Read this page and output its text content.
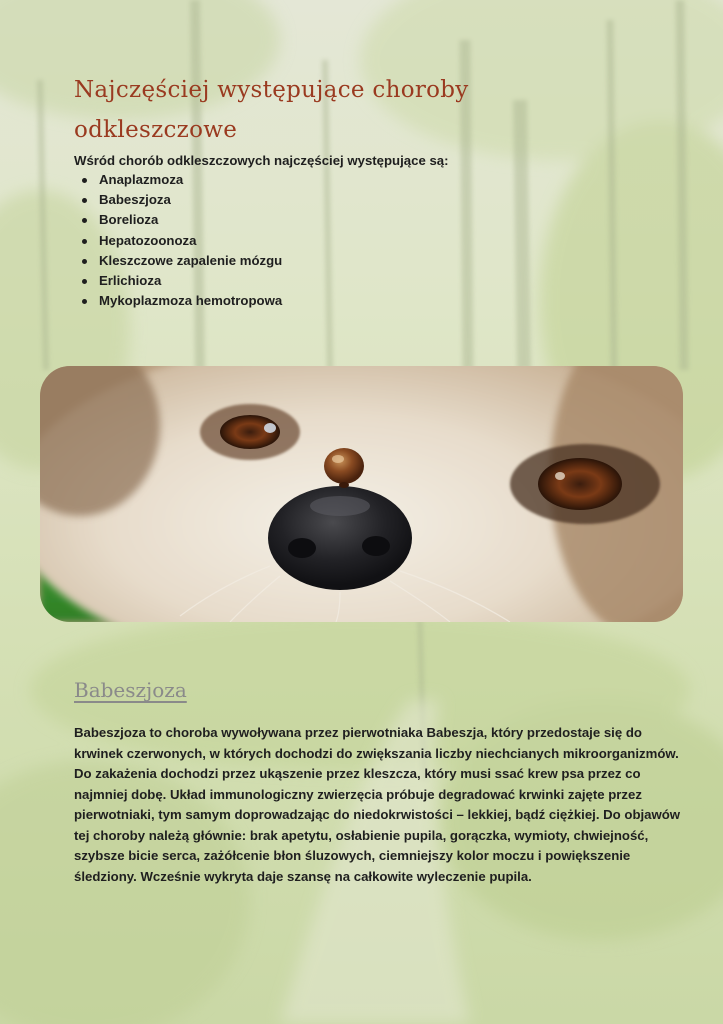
Najczęściej występujące choroby odkleszczowe

Wśród chorób odkleszczowych najczęściej występujące są:

Anaplazmoza
Babeszjoza
Borelioza
Hepatozoonoza
Kleszczowe zapalenie mózgu
Erlichioza
Mykoplazmoza hemotropowa
Babeszjoza

Babeszjoza to choroba wywoływana przez pierwotniaka Babeszja, który przedostaje się do krwinek czerwonych, w których dochodzi do zwiększania liczby niechcianych mikroorganizmów. Do zakażenia dochodzi przez ukąszenie przez kleszcza, który musi ssać krew psa przez co najmniej dobę. Układ immunologiczny zwierzęcia próbuje degradować krwinki zajęte przez pierwotniaki, tym samym doprowadzając do niedokrwistości – lekkiej, bądź ciężkiej. Do objawów tej choroby należą głównie: brak apetytu, osłabienie pupila, gorączka, wymioty, chwiejność, szybsze bicie serca, zażółcenie błon śluzowych, ciemniejszy kolor moczu i powiększenie śledziony. Wcześnie wykryta daje szansę na całkowite wyleczenie pupila.
